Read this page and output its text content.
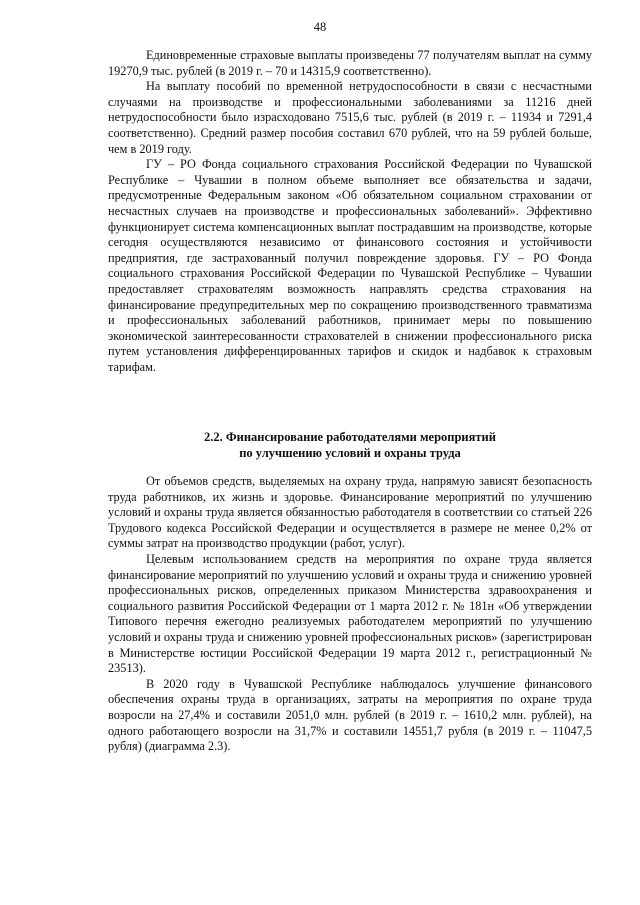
48

Единовременные страховые выплаты произведены 77 получателям выплат на сумму 19270,9 тыс. рублей (в 2019 г. – 70 и 14315,9 соответственно).

На выплату пособий по временной нетрудоспособности в связи с несчастными случаями на производстве и профессиональными заболеваниями за 11216 дней нетрудоспособности было израсходовано 7515,6 тыс. рублей (в 2019 г. – 11934 и 7291,4 соответственно). Средний размер пособия составил 670 рублей, что на 59 рублей больше, чем в 2019 году.

ГУ – РО Фонда социального страхования Российской Федерации по Чувашской Республике – Чувашии в полном объеме выполняет все обязательства и задачи, предусмотренные Федеральным законом «Об обязательном социальном страховании от несчастных случаев на производстве и профессиональных заболеваний». Эффективно функционирует система компенсационных выплат пострадавшим на производстве, которые сегодня осуществляются независимо от финансового состояния и устойчивости предприятия, где застрахованный получил повреждение здоровья. ГУ – РО Фонда социального страхования Российской Федерации по Чувашской Республике – Чувашии предоставляет страхователям возможность направлять средства страхования на финансирование предупредительных мер по сокращению производственного травматизма и профессиональных заболеваний работников, принимает меры по повышению экономической заинтересованности страхователей в снижении профессионального риска путем установления дифференцированных тарифов и скидок и надбавок к страховым тарифам.

2.2. Финансирование работодателями мероприятий
по улучшению условий и охраны труда

От объемов средств, выделяемых на охрану труда, напрямую зависят безопасность труда работников, их жизнь и здоровье. Финансирование мероприятий по улучшению условий и охраны труда является обязанностью работодателя в соответствии со статьей 226 Трудового кодекса Российской Федерации и осуществляется в размере не менее 0,2% от суммы затрат на производство продукции (работ, услуг).

Целевым использованием средств на мероприятия по охране труда является финансирование мероприятий по улучшению условий и охраны труда и снижению уровней профессиональных рисков, определенных приказом Министерства здравоохранения и социального развития Российской Федерации от 1 марта 2012 г. № 181н «Об утверждении Типового перечня ежегодно реализуемых работодателем мероприятий по улучшению условий и охраны труда и снижению уровней профессиональных рисков» (зарегистрирован в Министерстве юстиции Российской Федерации 19 марта 2012 г., регистрационный № 23513).

В 2020 году в Чувашской Республике наблюдалось улучшение финансового обеспечения охраны труда в организациях, затраты на мероприятия по охране труда возросли на 27,4% и составили 2051,0 млн. рублей (в 2019 г. – 1610,2 млн. рублей), на одного работающего возросли на 31,7% и составили 14551,7 рубля (в 2019 г. – 11047,5 рубля) (диаграмма 2.3).
